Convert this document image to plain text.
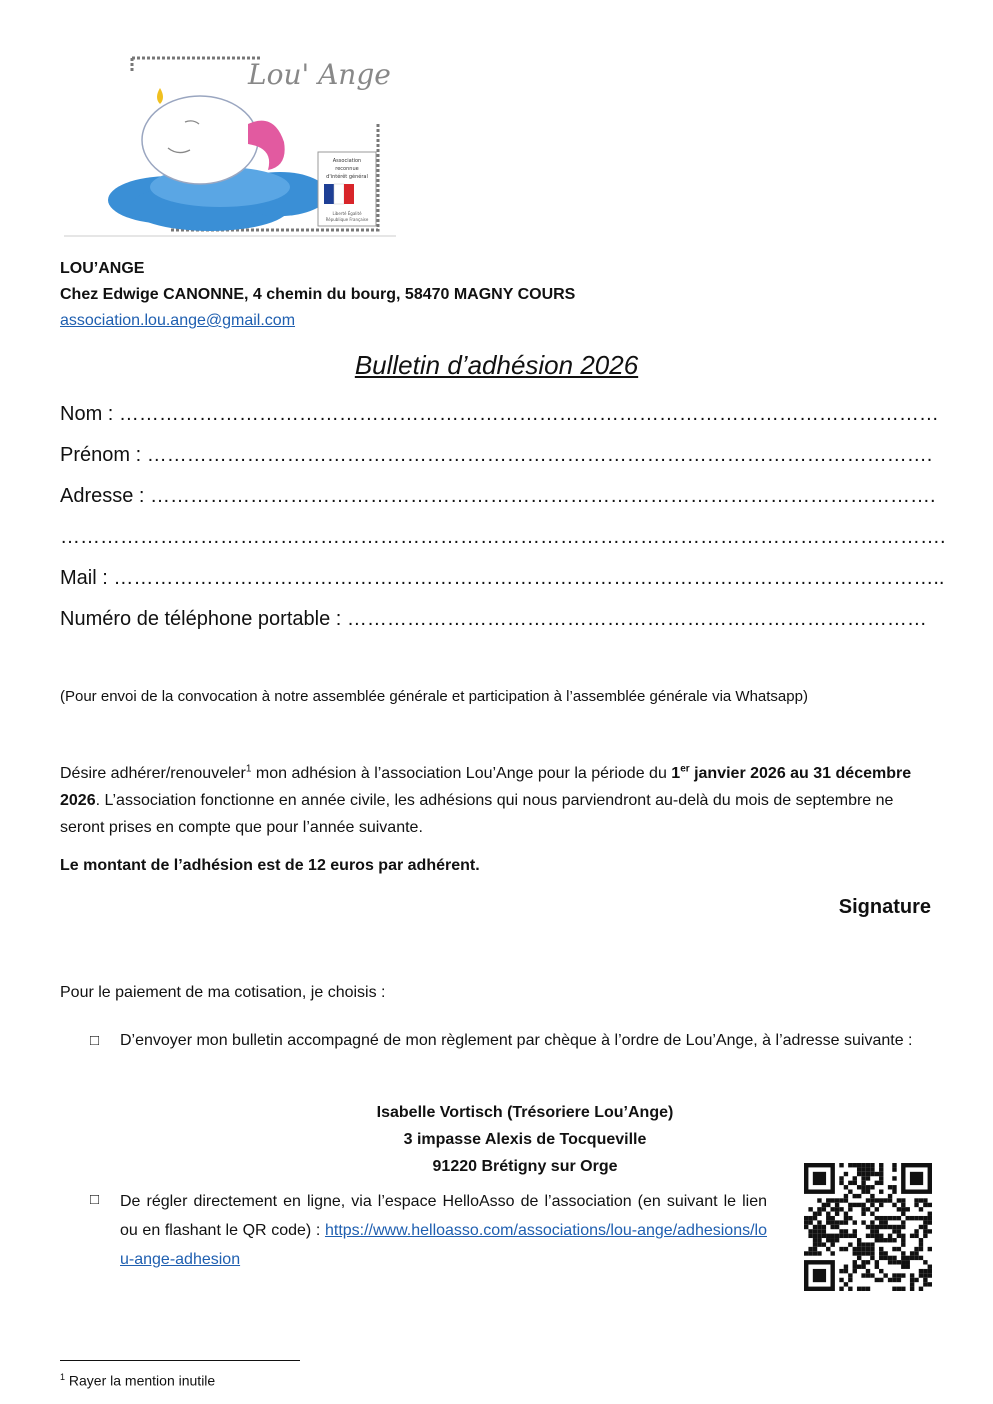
Lou' Ange
Association
reconnue
d'intérêt général
Liberté Égalité
République Française
LOU’ANGE
Chez Edwige CANONNE, 4 chemin du bourg, 58470 MAGNY COURS
association.lou.ange@gmail.com
Bulletin d’adhésion 2026
Nom : ……………………………………………………………………………………………………………
Prénom : ……………………………………………………………………………………………………….
Adresse : ……………………………………………………………………………………………………….
…………………………………………………………………………………………………………………….
Mail : ……………………………………………………………………………………………………………..
Numéro de téléphone portable : ……………………………………………………………………………
(Pour envoi de la convocation à notre assemblée générale et participation à l’assemblée générale via Whatsapp)
Désire adhérer/renouveler$^1$ mon adhésion à l’association Lou’Ange pour la période du 1er janvier 2026 au 31 décembre 2026. L’association fonctionne en année civile, les adhésions qui nous parviendront au-delà du mois de septembre ne seront prises en compte que pour l’année suivante.
Le montant de l’adhésion est de 12 euros par adhérent.
Signature
Pour le paiement de ma cotisation, je choisis :
□ D’envoyer mon bulletin accompagné de mon règlement par chèque à l’ordre de Lou’Ange, à l’adresse suivante :
Isabelle Vortisch (Trésoriere Lou’Ange)
3 impasse Alexis de Tocqueville
91220 Brétigny sur Orge
□ De régler directement en ligne, via l’espace HelloAsso de l’association (en suivant le lien ou en flashant le QR code) : https://www.helloasso.com/associations/lou-ange/adhesions/lou-ange-adhesion
$^1$ Rayer la mention inutile
